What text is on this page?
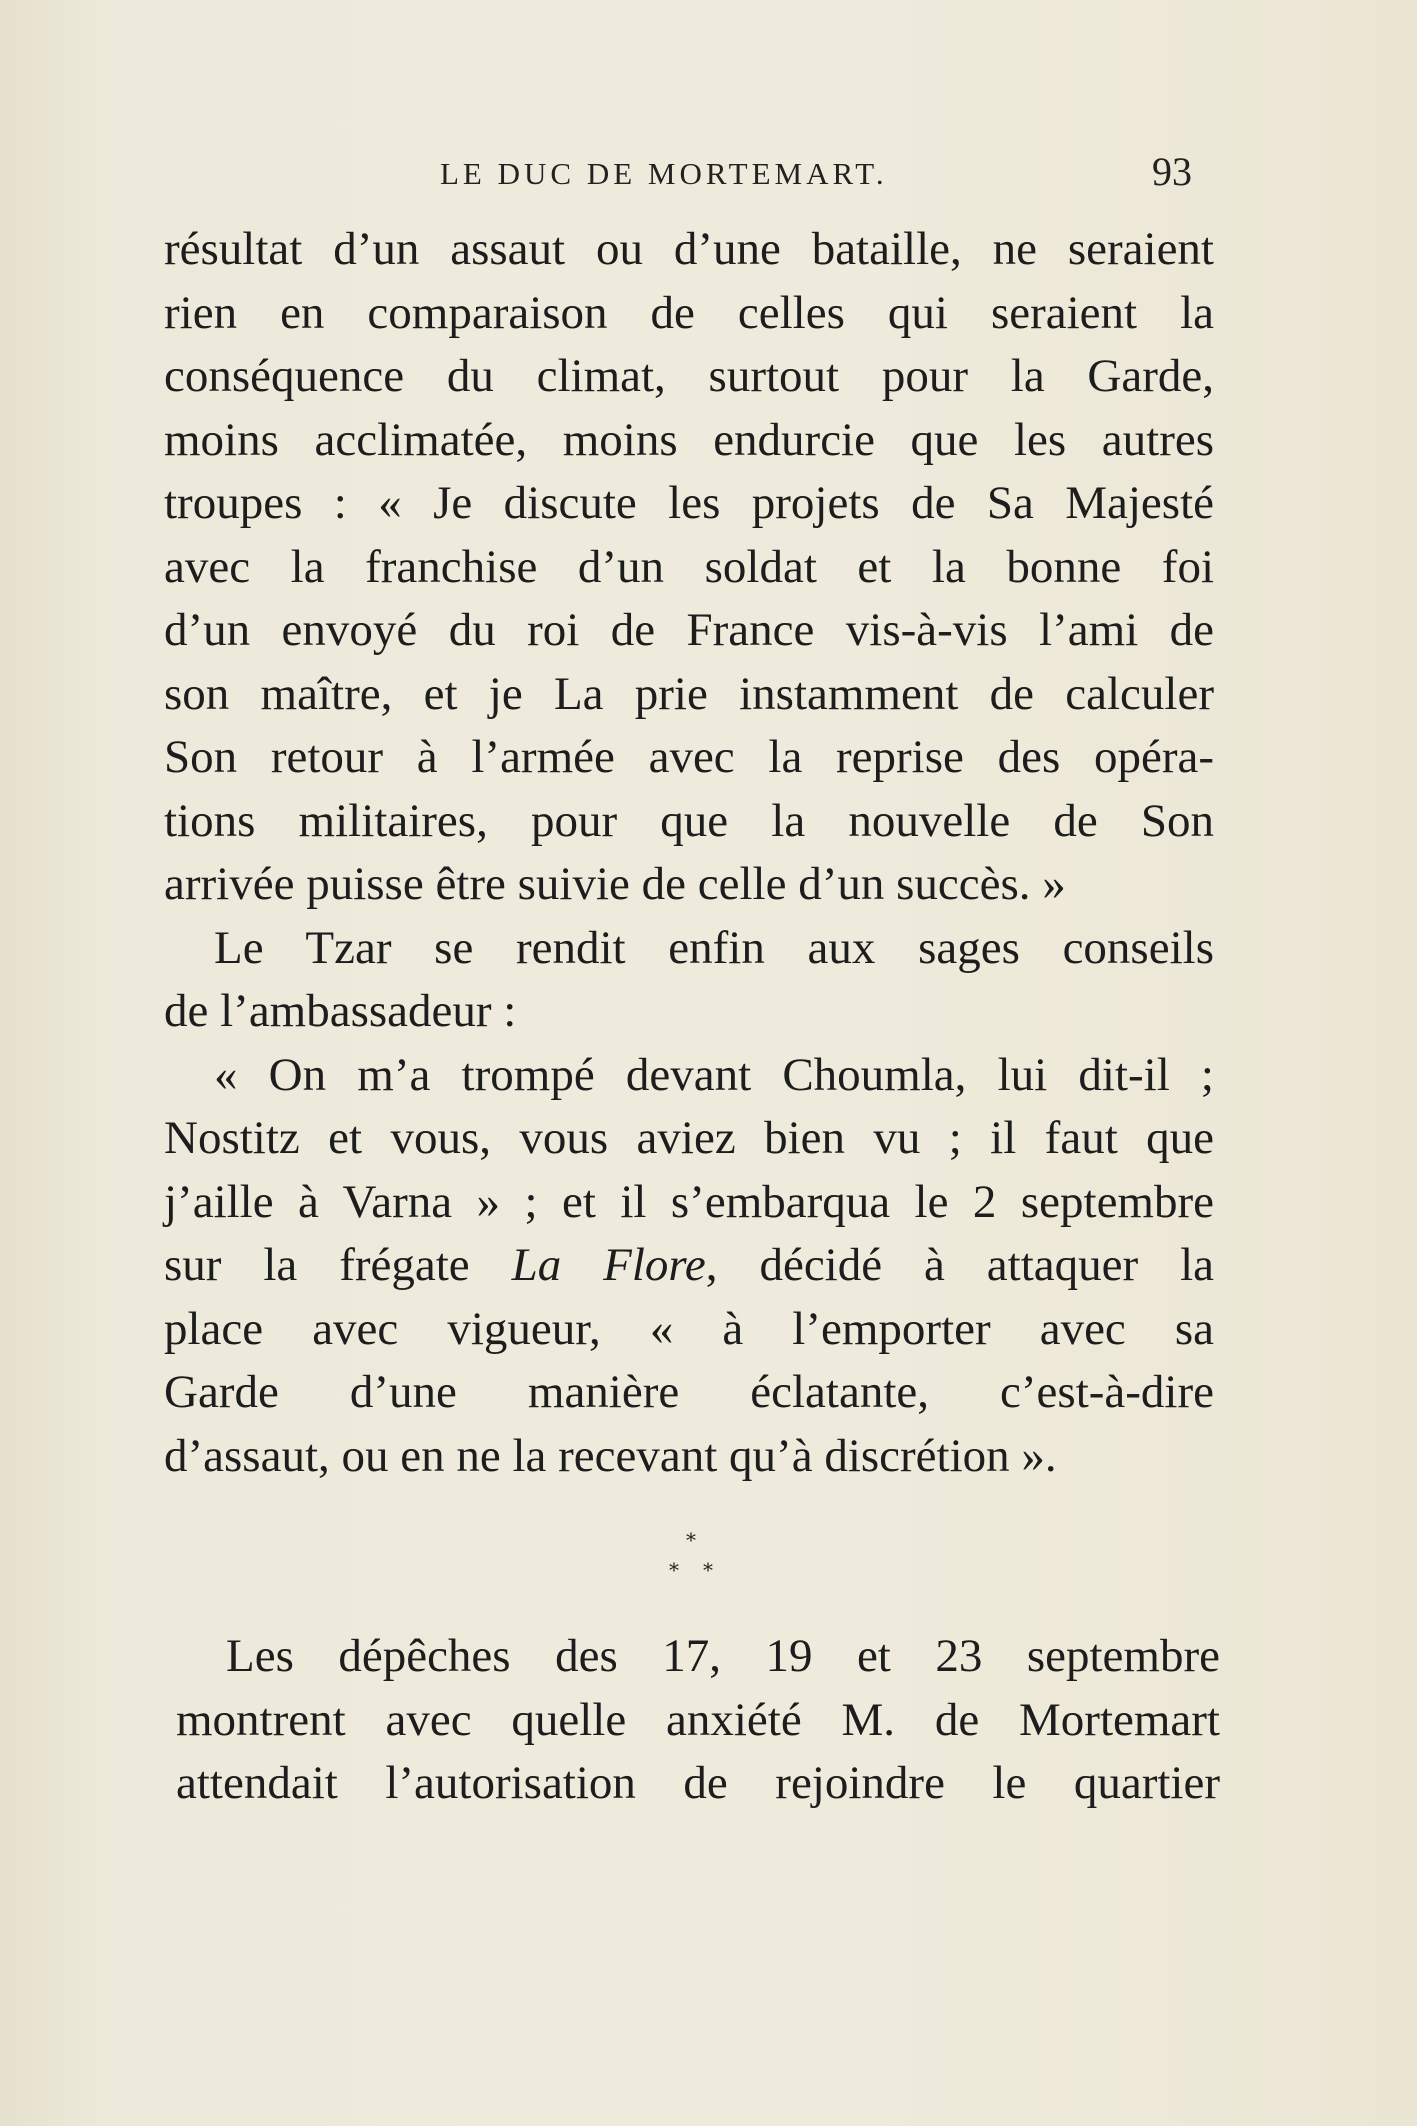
LE DUC DE MORTEMART.	93

résultat d’un assaut ou d’une bataille, ne seraient
rien en comparaison de celles qui seraient la
conséquence du climat, surtout pour la Garde,
moins acclimatée, moins endurcie que les autres
troupes : « Je discute les projets de Sa Majesté
avec la franchise d’un soldat et la bonne foi
d’un envoyé du roi de France vis-à-vis l’ami de
son maître, et je La prie instamment de calculer
Son retour à l’armée avec la reprise des opéra-
tions militaires, pour que la nouvelle de Son
arrivée puisse être suivie de celle d’un succès. »

Le Tzar se rendit enfin aux sages conseils
de l’ambassadeur :

« On m’a trompé devant Choumla, lui dit-il ;
Nostitz et vous, vous aviez bien vu ; il faut que
j’aille à Varna » ; et il s’embarqua le 2 septembre
sur la frégate La Flore, décidé à attaquer la
place avec vigueur, « à l’emporter avec sa
Garde d’une manière éclatante, c’est-à-dire
d’assaut, ou en ne la recevant qu’à discrétion ».

*
* *

Les dépêches des 17, 19 et 23 septembre
montrent avec quelle anxiété M. de Mortemart
attendait l’autorisation de rejoindre le quartier
